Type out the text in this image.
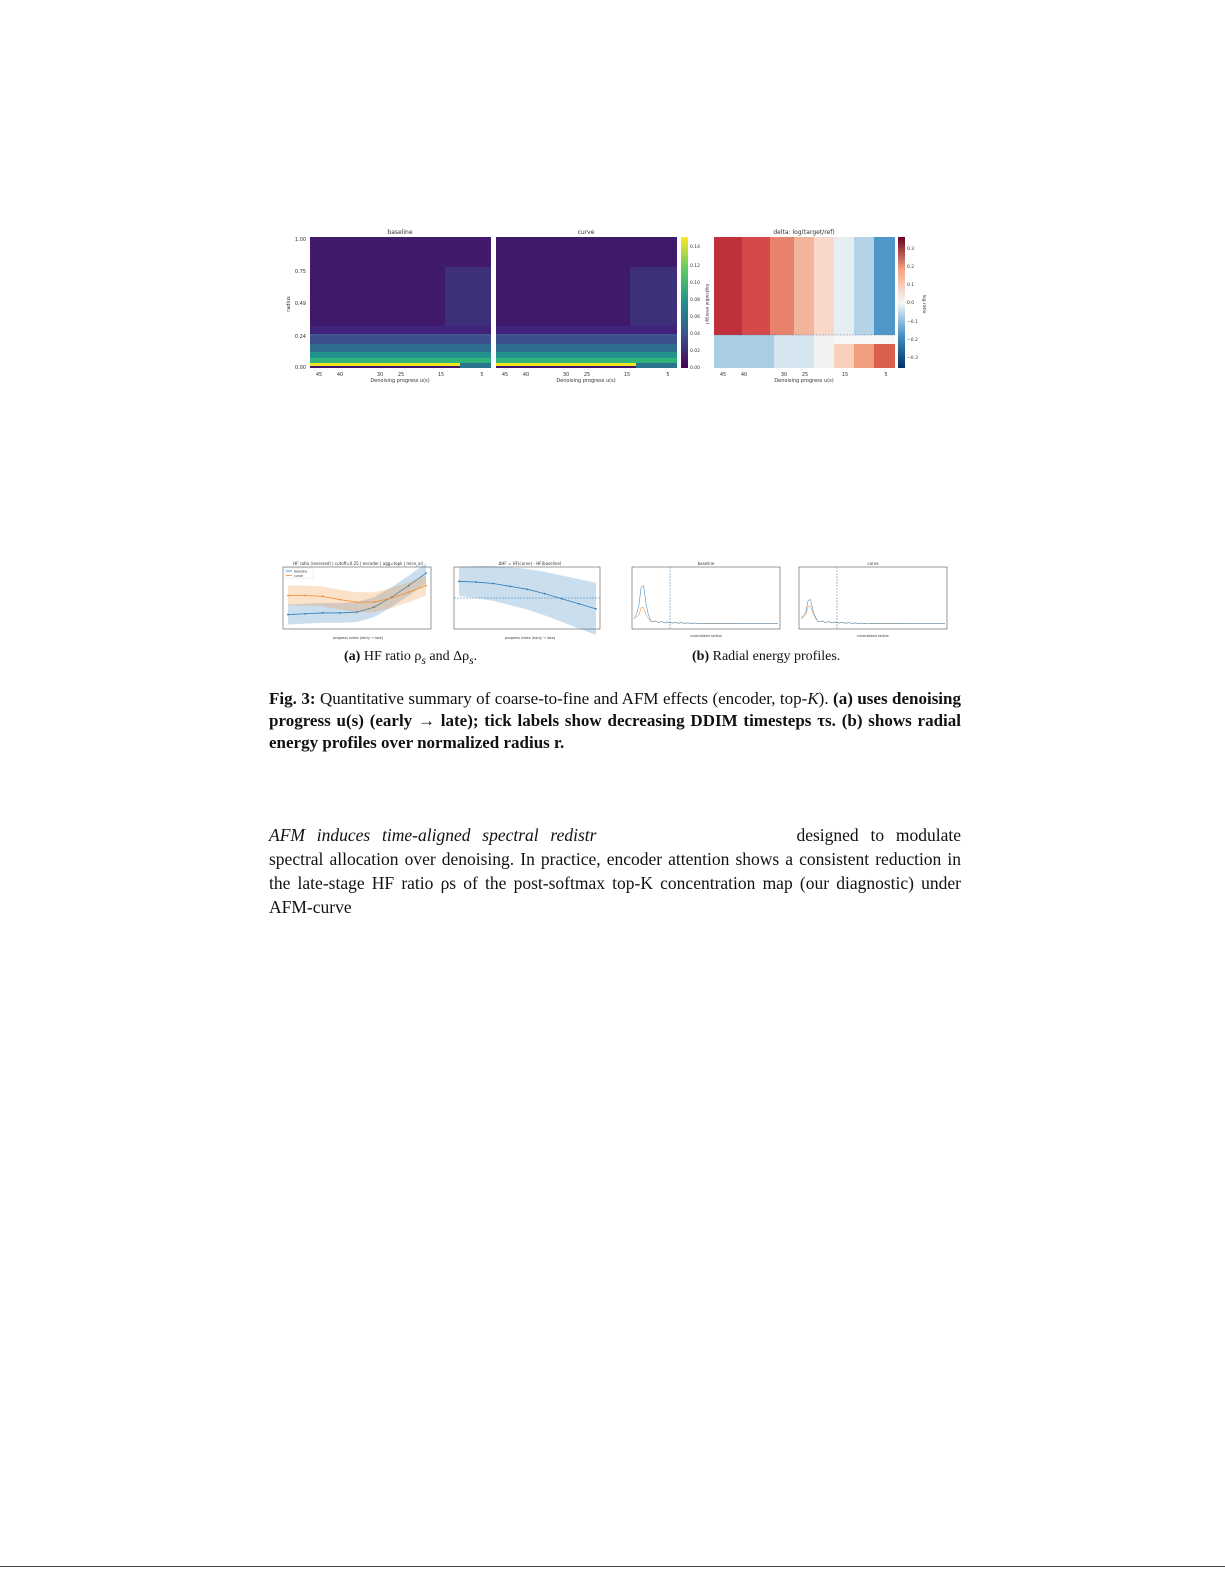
baseline	curve	delta: log(target/ref)
radius
1.00
0.75
0.49
0.24
0.00
0.14
0.12
0.10
0.08
0.06
0.04
0.02
0.00
log(radial energy)
0.3
0.2
0.1
0.0
−0.1
−0.2
−0.3
log ratio
45	40	30	25	15	5	45	40	30	25	15	5	45	40	30	25	15	5
Denoising progress u(s)	Denoising progress u(s)	Denoising progress u(s)
HF ratio (reversed) | cutoff=0.25 | encoder | agg=topk | mice_all
baseline
curve
progress index (early → late)
ΔHF = HF(curve) - HF(baseline)
progress index (early → late)
baseline
normalized radius
curve
normalized radius
(a) HF ratio $\rho_s$ and $\Delta\rho_s$.	(b) Radial energy profiles.
Fig. 3: Quantitative summary of coarse-to-fine and AFM effects (encoder, top-K). (a) uses denoising progress u(s) (early → late); tick labels show decreasing DDIM timesteps τs. (b) shows radial energy profiles over normalized radius r.
AFM induces time-aligned spectral redistr	designed to modulate spectral allocation over denoising. In practice, encoder attention shows a consistent reduction in the late-stage HF ratio ρs of the post-softmax top-K concentration map (our diagnostic) under AFM-curve
